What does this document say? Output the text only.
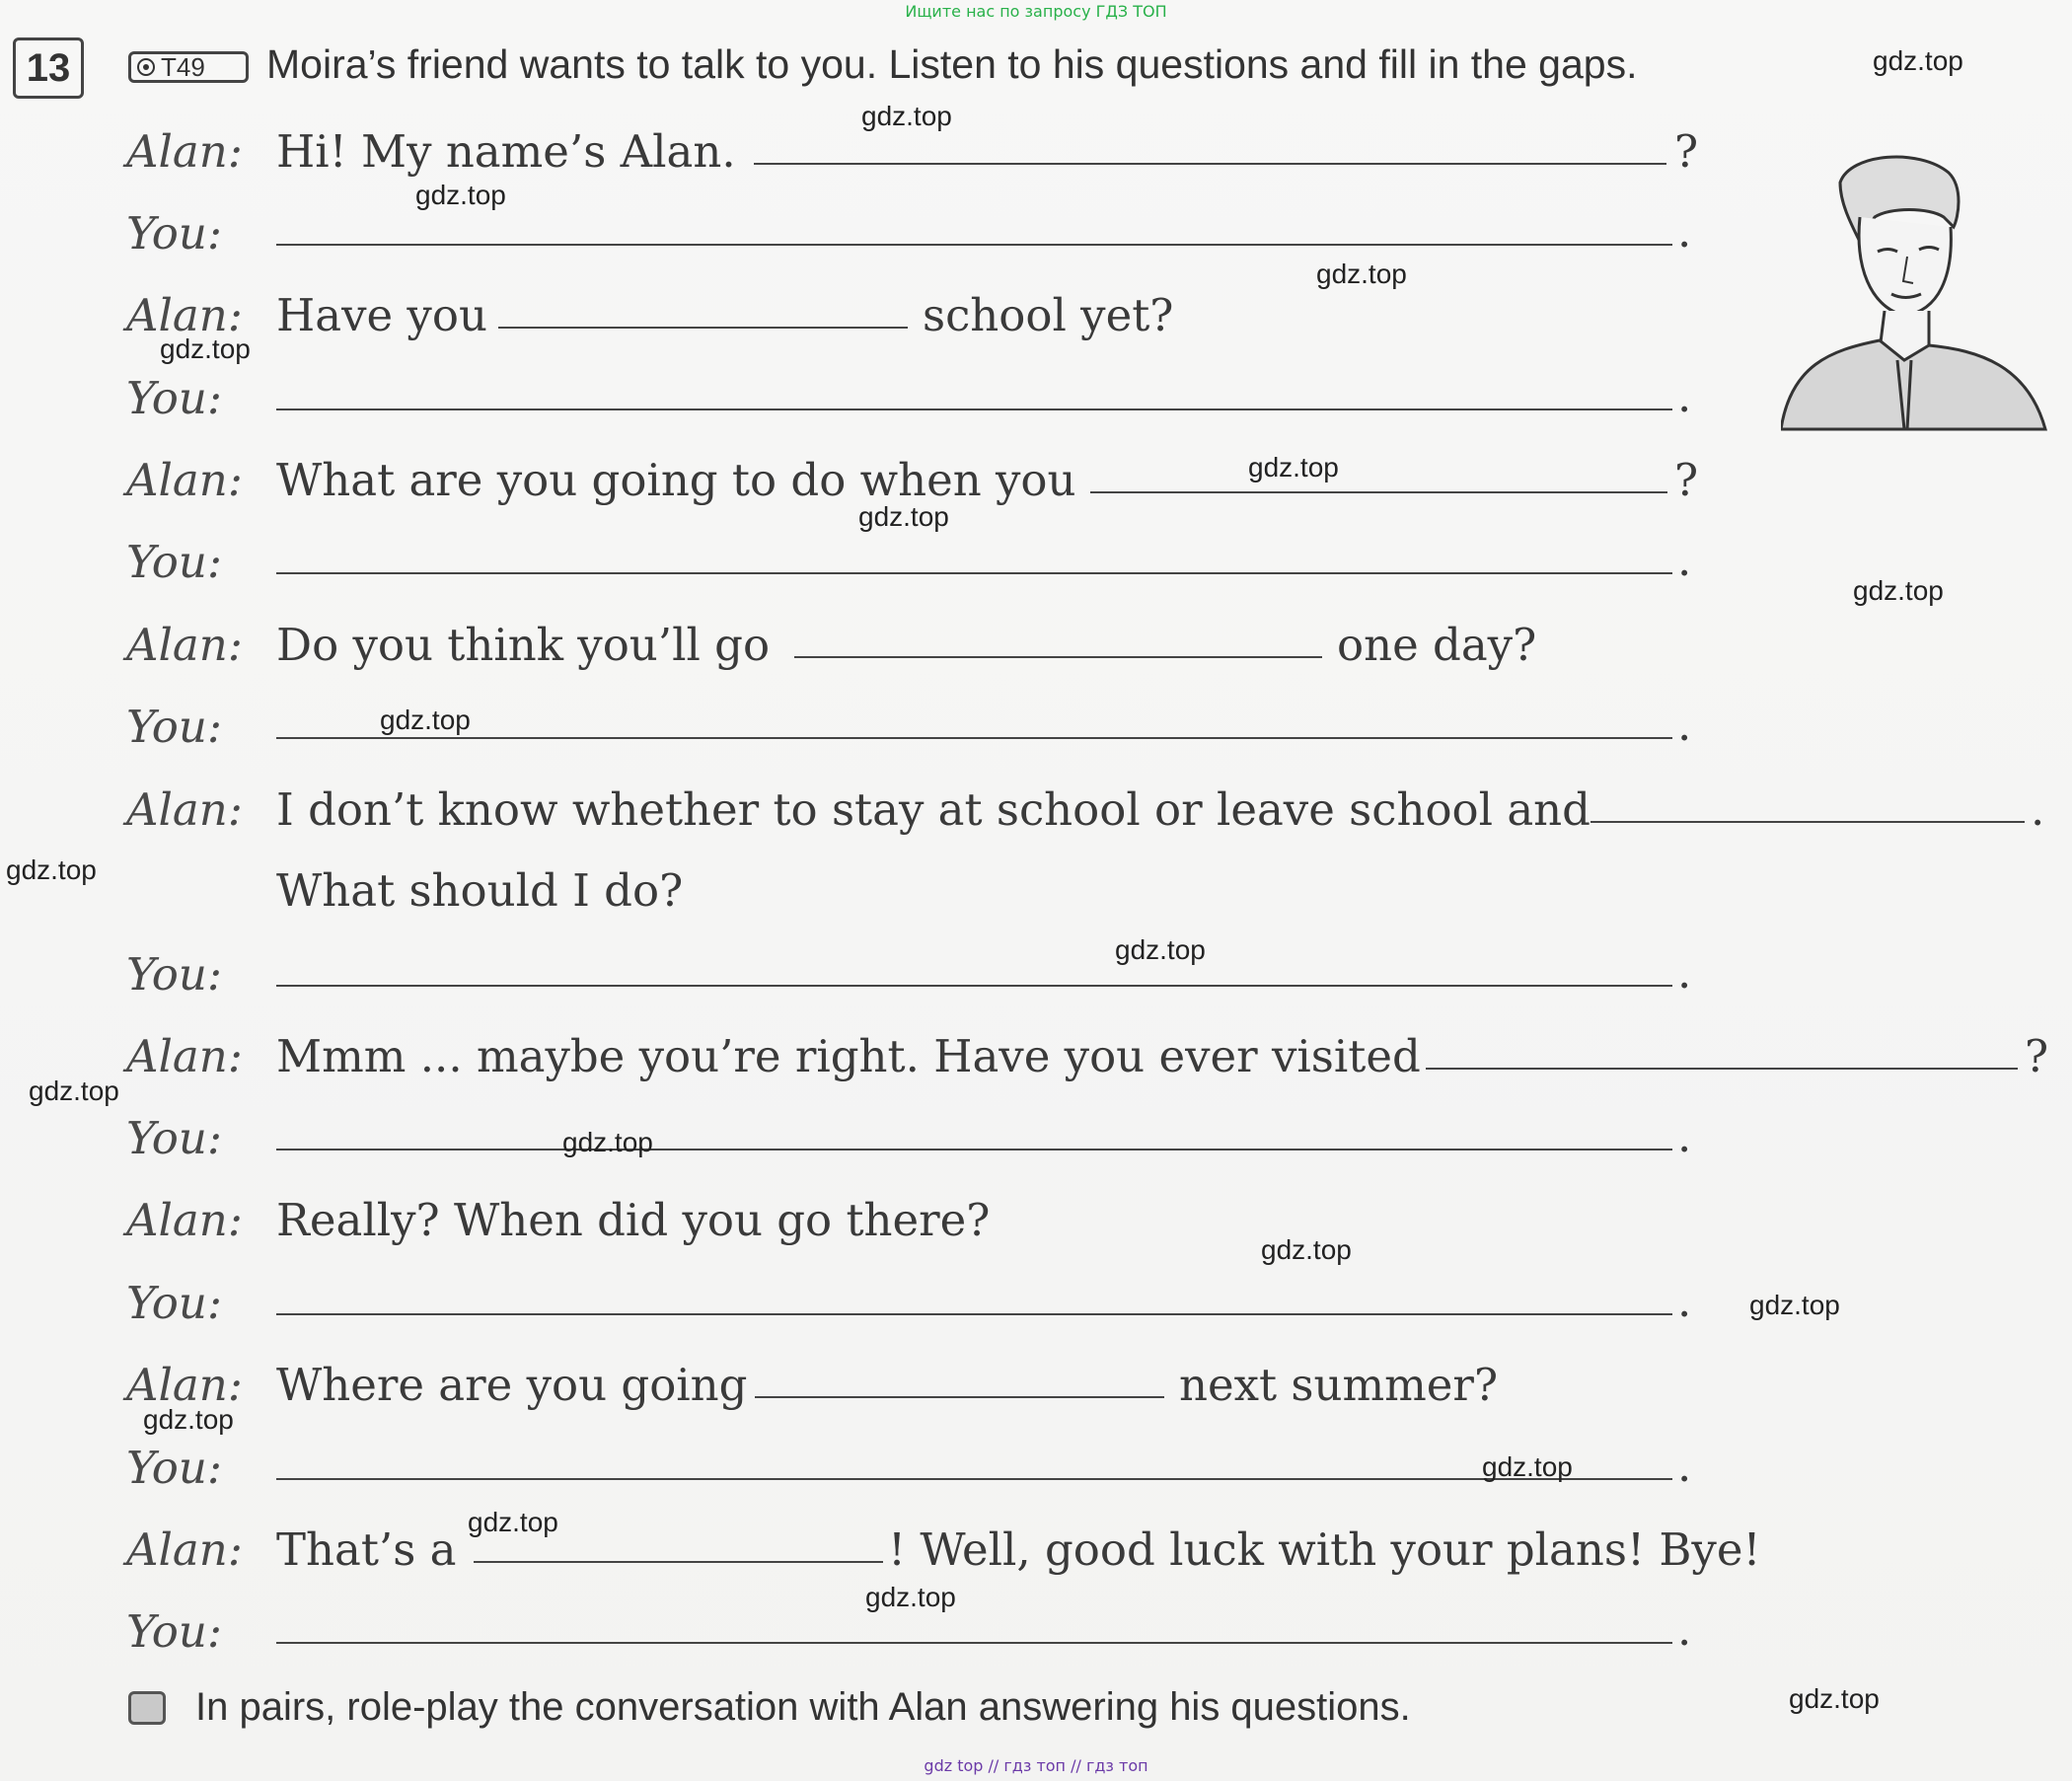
Ищите нас по запросу ГДЗ ТОП
13	T49 Moira’s friend wants to talk to you. Listen to his questions and fill in the gaps.
Alan: Hi! My name’s Alan.	?
You:	.
Alan: Have you	school yet?
You:	.
Alan: What are you going to do when you	?
You:	.
Alan: Do you think you’ll go	one day?
You:	.
Alan: I don’t know whether to stay at school or leave school and	.
What should I do?
You:	.
Alan: Mmm ... maybe you’re right. Have you ever visited	?
You:	.
Alan: Really? When did you go there?
You:	.
Alan: Where are you going	next summer?
You:	.
Alan: That’s a	! Well, good luck with your plans! Bye!
You:	.
In pairs, role-play the conversation with Alan answering his questions.
gdz.top
gdz.top
gdz.top
gdz.top
gdz.top
gdz.top
gdz.top
gdz.top
gdz.top
gdz.top
gdz.top
gdz.top
gdz.top
gdz.top
gdz.top
gdz.top
gdz.top
gdz.top
gdz.top
gdz.top
gdz top // гдз топ // гдз топ
